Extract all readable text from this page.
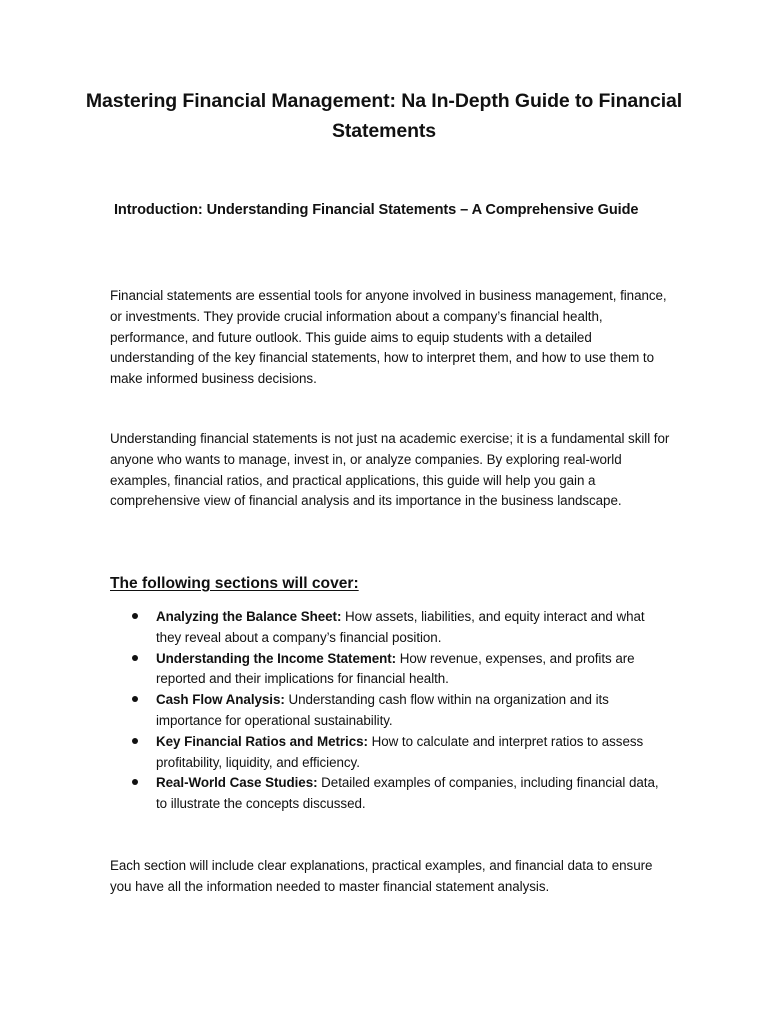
Mastering Financial Management: Na In-Depth Guide to Financial Statements
Introduction: Understanding Financial Statements – A Comprehensive Guide
Financial statements are essential tools for anyone involved in business management, finance, or investments. They provide crucial information about a company’s financial health, performance, and future outlook. This guide aims to equip students with a detailed understanding of the key financial statements, how to interpret them, and how to use them to make informed business decisions.
Understanding financial statements is not just na academic exercise; it is a fundamental skill for anyone who wants to manage, invest in, or analyze companies. By exploring real-world examples, financial ratios, and practical applications, this guide will help you gain a comprehensive view of financial analysis and its importance in the business landscape.
The following sections will cover:
Analyzing the Balance Sheet: How assets, liabilities, and equity interact and what they reveal about a company’s financial position.
Understanding the Income Statement: How revenue, expenses, and profits are reported and their implications for financial health.
Cash Flow Analysis: Understanding cash flow within na organization and its importance for operational sustainability.
Key Financial Ratios and Metrics: How to calculate and interpret ratios to assess profitability, liquidity, and efficiency.
Real-World Case Studies: Detailed examples of companies, including financial data, to illustrate the concepts discussed.
Each section will include clear explanations, practical examples, and financial data to ensure you have all the information needed to master financial statement analysis.
